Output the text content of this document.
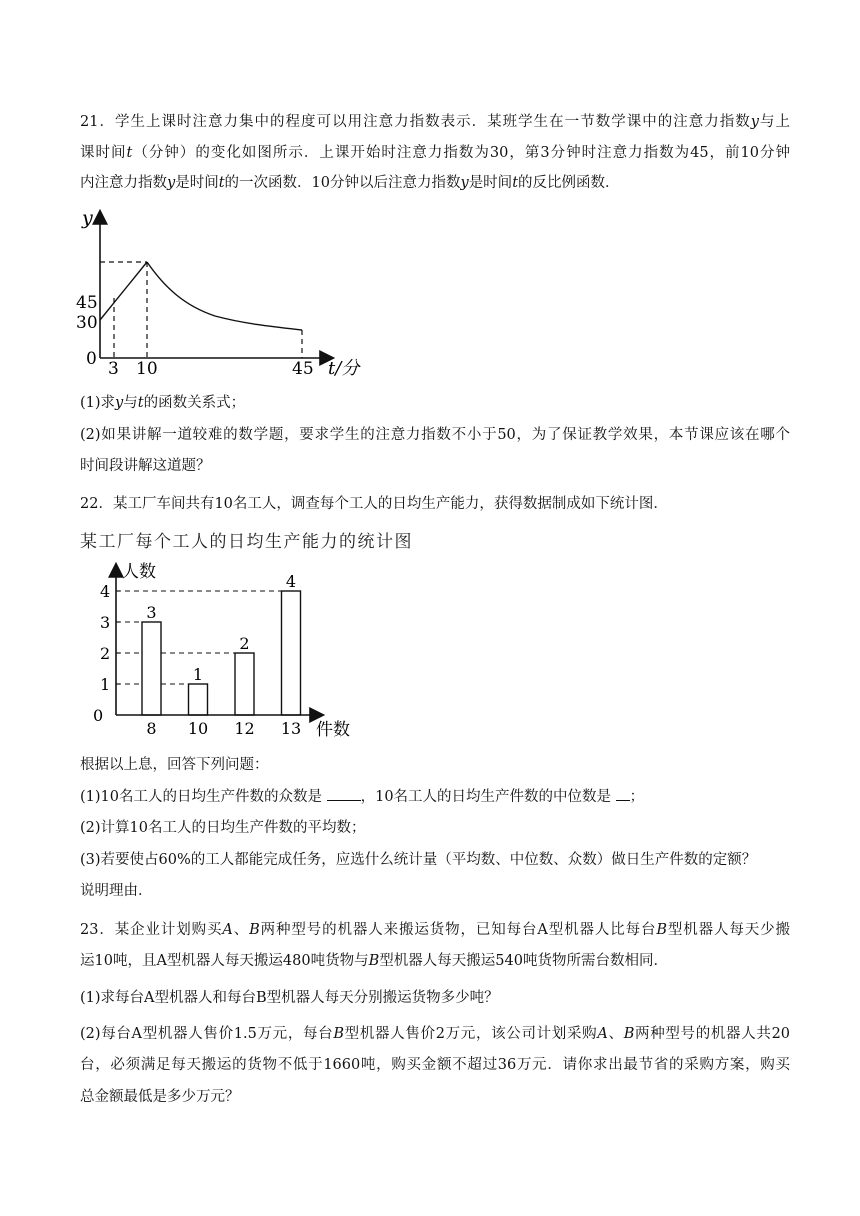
21．学生上课时注意力集中的程度可以用注意力指数表示．某班学生在一节数学课中的注意力指数y与上
课时间t（分钟）的变化如图所示．上课开始时注意力指数为30，第3分钟时注意力指数为45，前10分钟
内注意力指数y是时间t的一次函数．10分钟以后注意力指数y是时间t的反比例函数．
y
45
30
0 3 10	45 t/分
(1)求y与t的函数关系式；
(2)如果讲解一道较难的数学题，要求学生的注意力指数不小于50，为了保证教学效果，本节课应该在哪个
时间段讲解这道题？
22．某工厂车间共有10名工人，调查每个工人的日均生产能力，获得数据制成如下统计图．
某工厂每个工人的日均生产能力的统计图
3
1
2
4
人数
件数
0
1
2
3
4
8 10 12 13
根据以上息，回答下列问题：
(1)10名工人的日均生产件数的众数是	，10名工人的日均生产件数的中位数是 ；
(2)计算10名工人的日均生产件数的平均数；
(3)若要使占60%的工人都能完成任务，应选什么统计量（平均数、中位数、众数）做日生产件数的定额？
说明理由．
23．某企业计划购买A、B两种型号的机器人来搬运货物，已知每台A型机器人比每台B型机器人每天少搬
运10吨，且A型机器人每天搬运480吨货物与B型机器人每天搬运540吨货物所需台数相同．
(1)求每台A型机器人和每台B型机器人每天分别搬运货物多少吨？
(2)每台A型机器人售价1.5万元，每台B型机器人售价2万元，该公司计划采购A、B两种型号的机器人共20
台，必须满足每天搬运的货物不低于1660吨，购买金额不超过36万元．请你求出最节省的采购方案，购买
总金额最低是多少万元？
